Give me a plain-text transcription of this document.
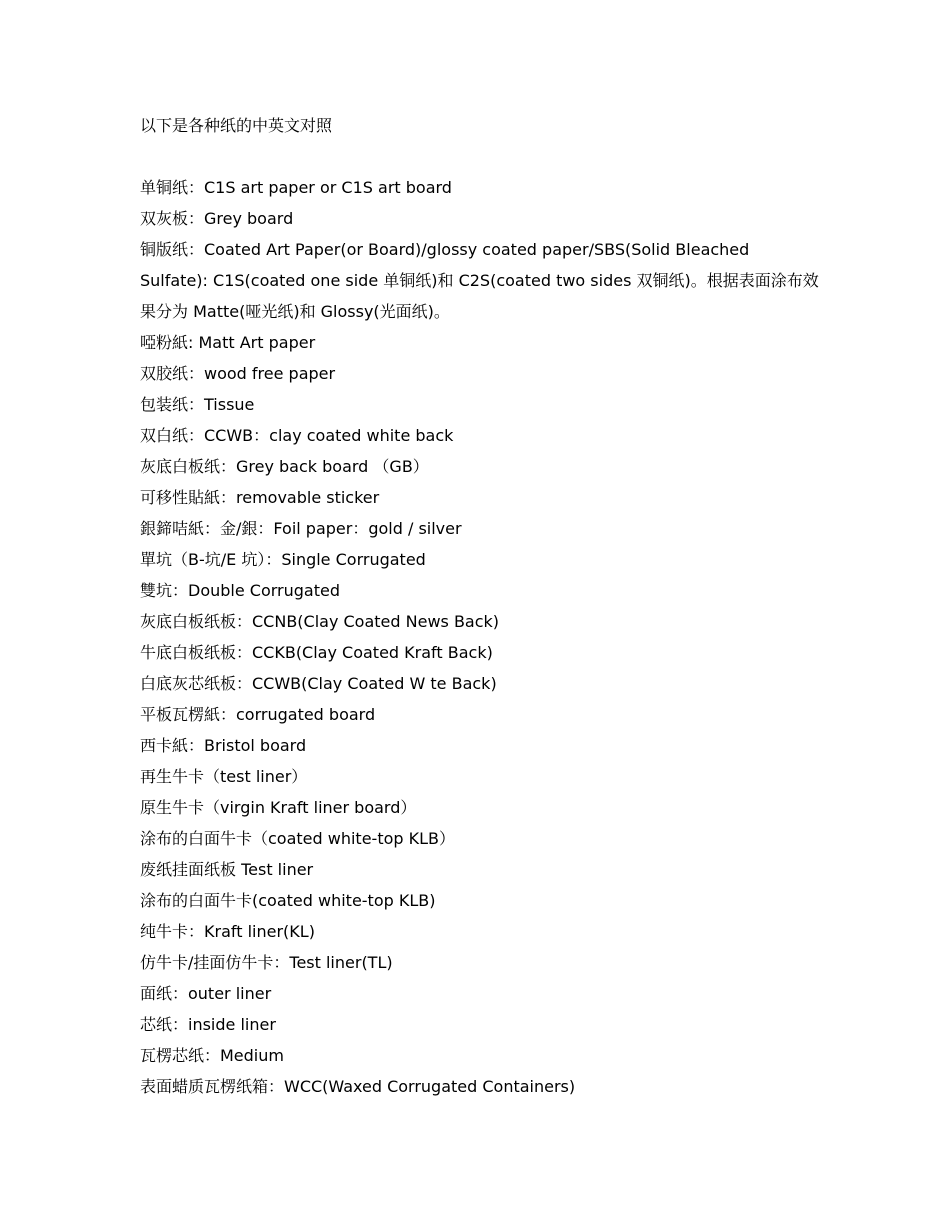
以下是各种纸的中英文对照

单铜纸：C1S art paper or C1S art board

双灰板：Grey board

铜版纸：Coated Art Paper(or Board)/glossy coated paper/SBS(Solid Bleached Sulfate): C1S(coated one side 单铜纸)和 C2S(coated two sides 双铜纸)。根据表面涂布效果分为 Matte(哑光纸)和 Glossy(光面纸)。

啞粉紙: Matt Art paper

双胶纸：wood free paper

包装纸：Tissue

双白纸：CCWB：clay coated white back

灰底白板纸：Grey back board （GB）

可移性貼紙：removable sticker

銀鍗咭紙：金/銀：Foil paper：gold / silver

單坑（B-坑/E 坑）：Single Corrugated

雙坑：Double Corrugated

灰底白板纸板：CCNB(Clay Coated News Back)

牛底白板纸板：CCKB(Clay Coated Kraft Back)

白底灰芯纸板：CCWB(Clay Coated W te Back)

平板瓦楞紙：corrugated board

西卡紙：Bristol board

再生牛卡（test liner）

原生牛卡（virgin Kraft liner board）

涂布的白面牛卡（coated white-top KLB）

废纸挂面纸板 Test liner

涂布的白面牛卡(coated white-top KLB)

纯牛卡：Kraft liner(KL)

仿牛卡/挂面仿牛卡：Test liner(TL)

面纸：outer liner

芯纸：inside liner

瓦楞芯纸：Medium

表面蜡质瓦楞纸箱：WCC(Waxed Corrugated Containers)
